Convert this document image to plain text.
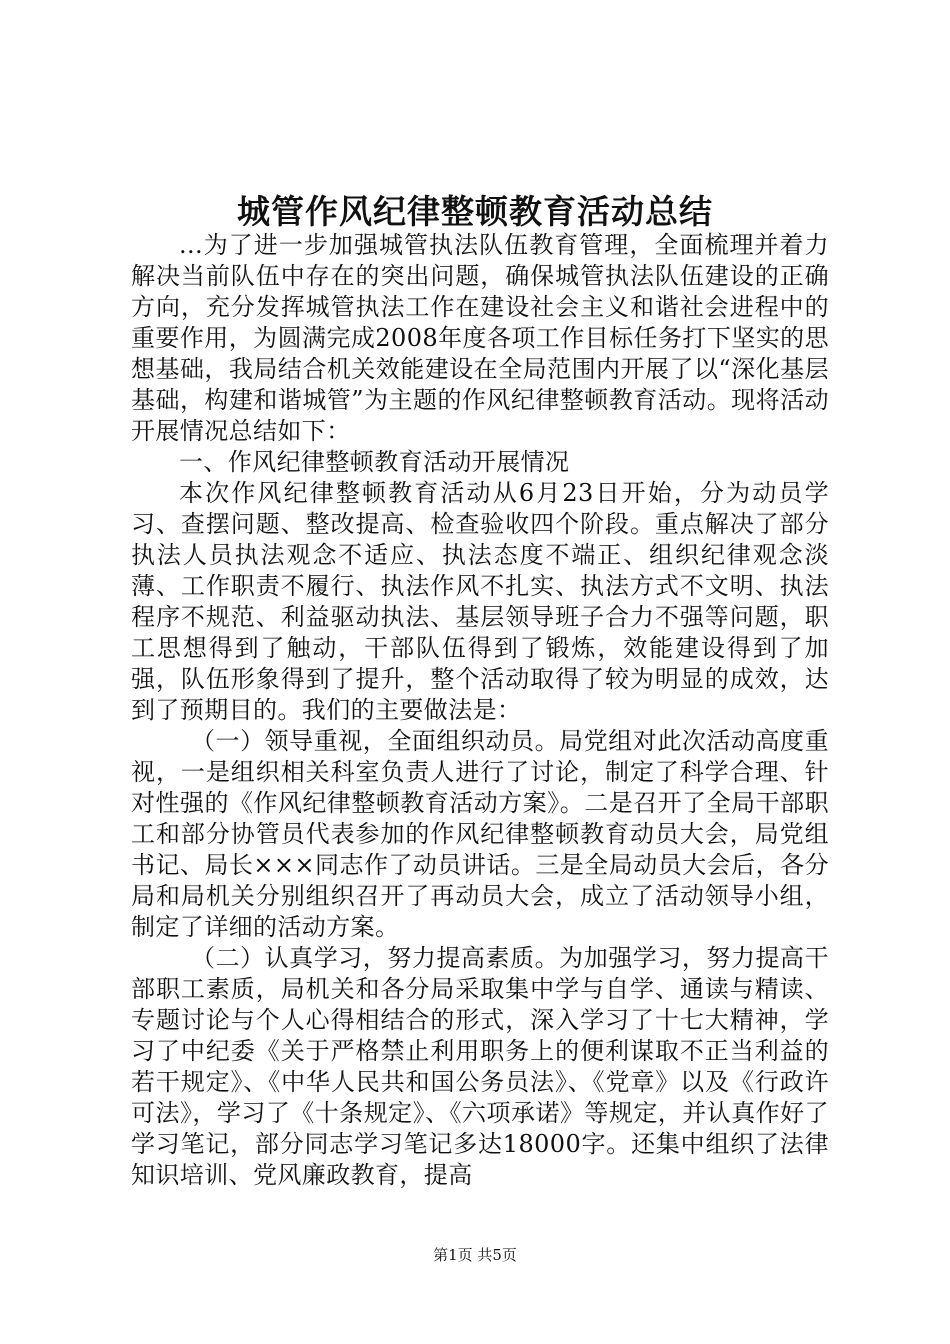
城管作风纪律整顿教育活动总结

...为了进一步加强城管执法队伍教育管理，全面梳理并着力解决当前队伍中存在的突出问题，确保城管执法队伍建设的正确方向，充分发挥城管执法工作在建设社会主义和谐社会进程中的重要作用，为圆满完成2008年度各项工作目标任务打下坚实的思想基础，我局结合机关效能建设在全局范围内开展了以“深化基层基础，构建和谐城管”为主题的作风纪律整顿教育活动。现将活动开展情况总结如下：

一、作风纪律整顿教育活动开展情况

本次作风纪律整顿教育活动从6月23日开始，分为动员学习、查摆问题、整改提高、检查验收四个阶段。重点解决了部分执法人员执法观念不适应、执法态度不端正、组织纪律观念淡薄、工作职责不履行、执法作风不扎实、执法方式不文明、执法程序不规范、利益驱动执法、基层领导班子合力不强等问题，职工思想得到了触动，干部队伍得到了锻炼，效能建设得到了加强，队伍形象得到了提升，整个活动取得了较为明显的成效，达到了预期目的。我们的主要做法是：

（一）领导重视，全面组织动员。局党组对此次活动高度重视，一是组织相关科室负责人进行了讨论，制定了科学合理、针对性强的《作风纪律整顿教育活动方案》。二是召开了全局干部职工和部分协管员代表参加的作风纪律整顿教育动员大会，局党组书记、局长×××同志作了动员讲话。三是全局动员大会后，各分局和局机关分别组织召开了再动员大会，成立了活动领导小组，制定了详细的活动方案。

（二）认真学习，努力提高素质。为加强学习，努力提高干部职工素质，局机关和各分局采取集中学与自学、通读与精读、专题讨论与个人心得相结合的形式，深入学习了十七大精神，学习了中纪委《关于严格禁止利用职务上的便利谋取不正当利益的若干规定》、《中华人民共和国公务员法》、《党章》以及《行政许可法》，学习了《十条规定》、《六项承诺》等规定，并认真作好了学习笔记，部分同志学习笔记多达18000字。还集中组织了法律知识培训、党风廉政教育，提高

第1页 共5页
